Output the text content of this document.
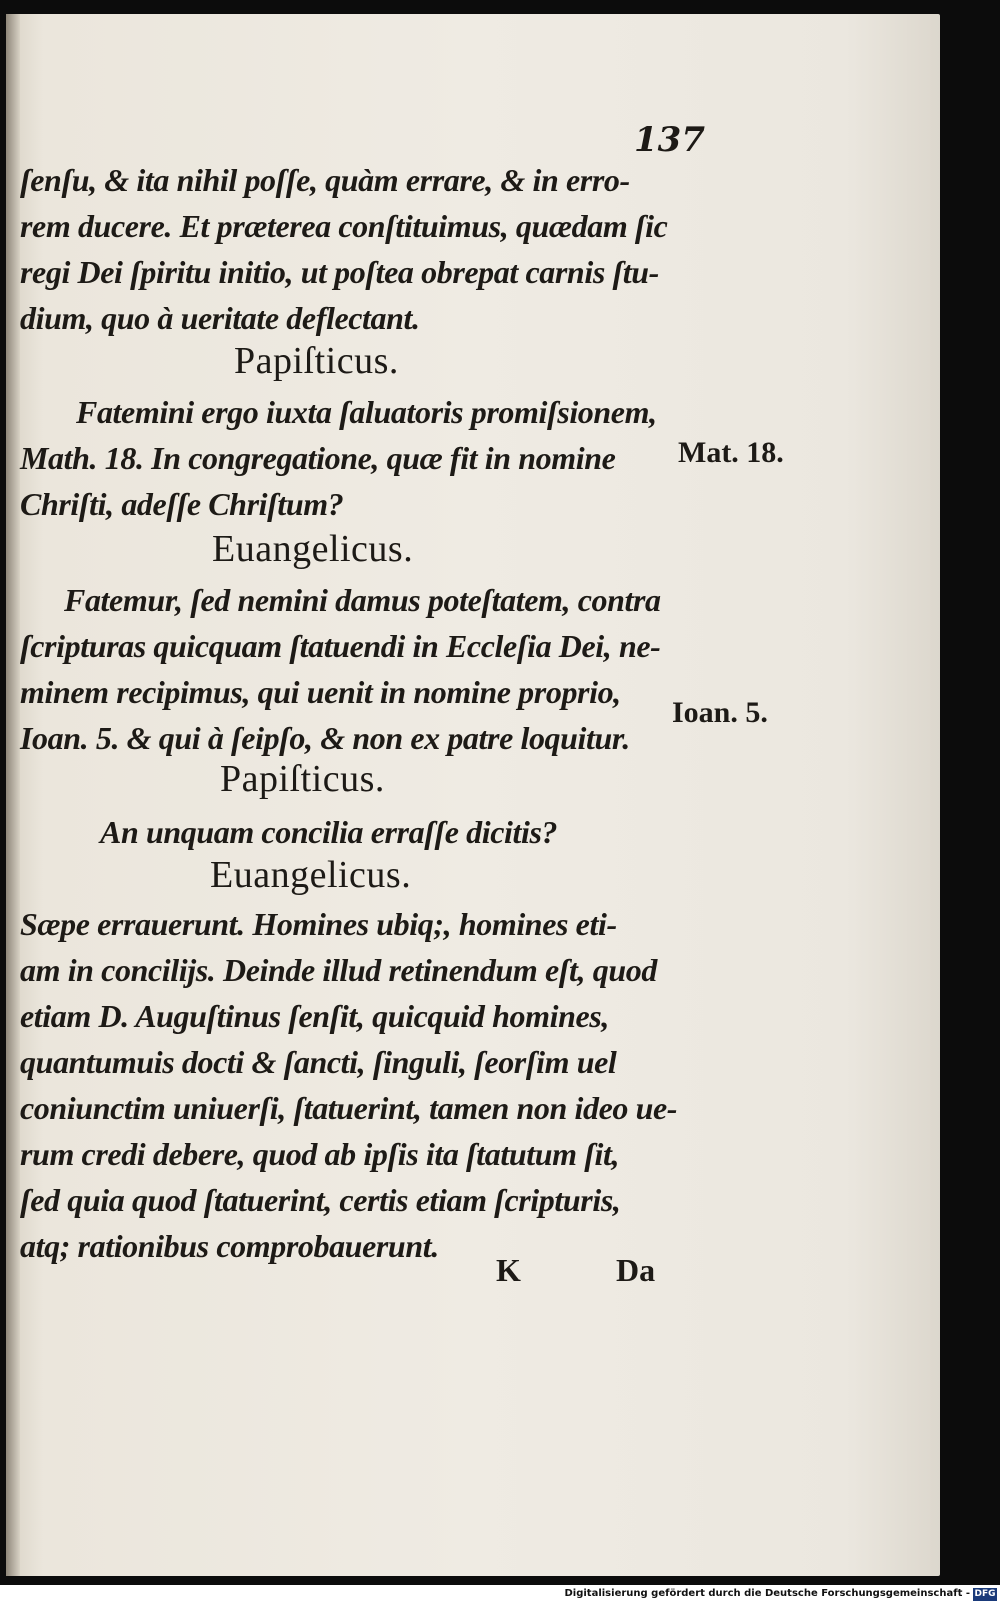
137
ſenſu, & ita nihil poſſe, quàm errare, & in erro-
rem ducere. Et præterea conſtituimus, quædam ſic
regi Dei ſpiritu initio, ut poſtea obrepat carnis ſtu-
dium, quo à ueritate deflectant.
Papiſticus.
Fatemini ergo iuxta ſaluatoris promiſsionem,
Math. 18. In congregatione, quæ fit in nomine
Chriſti, adeſſe Chriſtum?
Mat. 18.
Euangelicus.
Fatemur, ſed nemini damus poteſtatem, contra
ſcripturas quicquam ſtatuendi in Eccleſia Dei, ne-
minem recipimus, qui uenit in nomine proprio,
Ioan. 5. & qui à ſeipſo, & non ex patre loquitur.
Ioan. 5.
Papiſticus.
An unquam concilia erraſſe dicitis?
Euangelicus.
Sæpe errauerunt. Homines ubiq;, homines eti-
am in concilijs. Deinde illud retinendum eſt, quod
etiam D. Auguſtinus ſenſit, quicquid homines,
quantumuis docti & ſancti, ſinguli, ſeorſim uel
coniunctim uniuerſi, ſtatuerint, tamen non ideo ue-
rum credi debere, quod ab ipſis ita ſtatutum ſit,
ſed quia quod ſtatuerint, certis etiam ſcripturis,
atq; rationibus comprobauerunt.
K	Da
Digitalisierung gefördert durch die Deutsche Forschungsgemeinschaft - DFG
